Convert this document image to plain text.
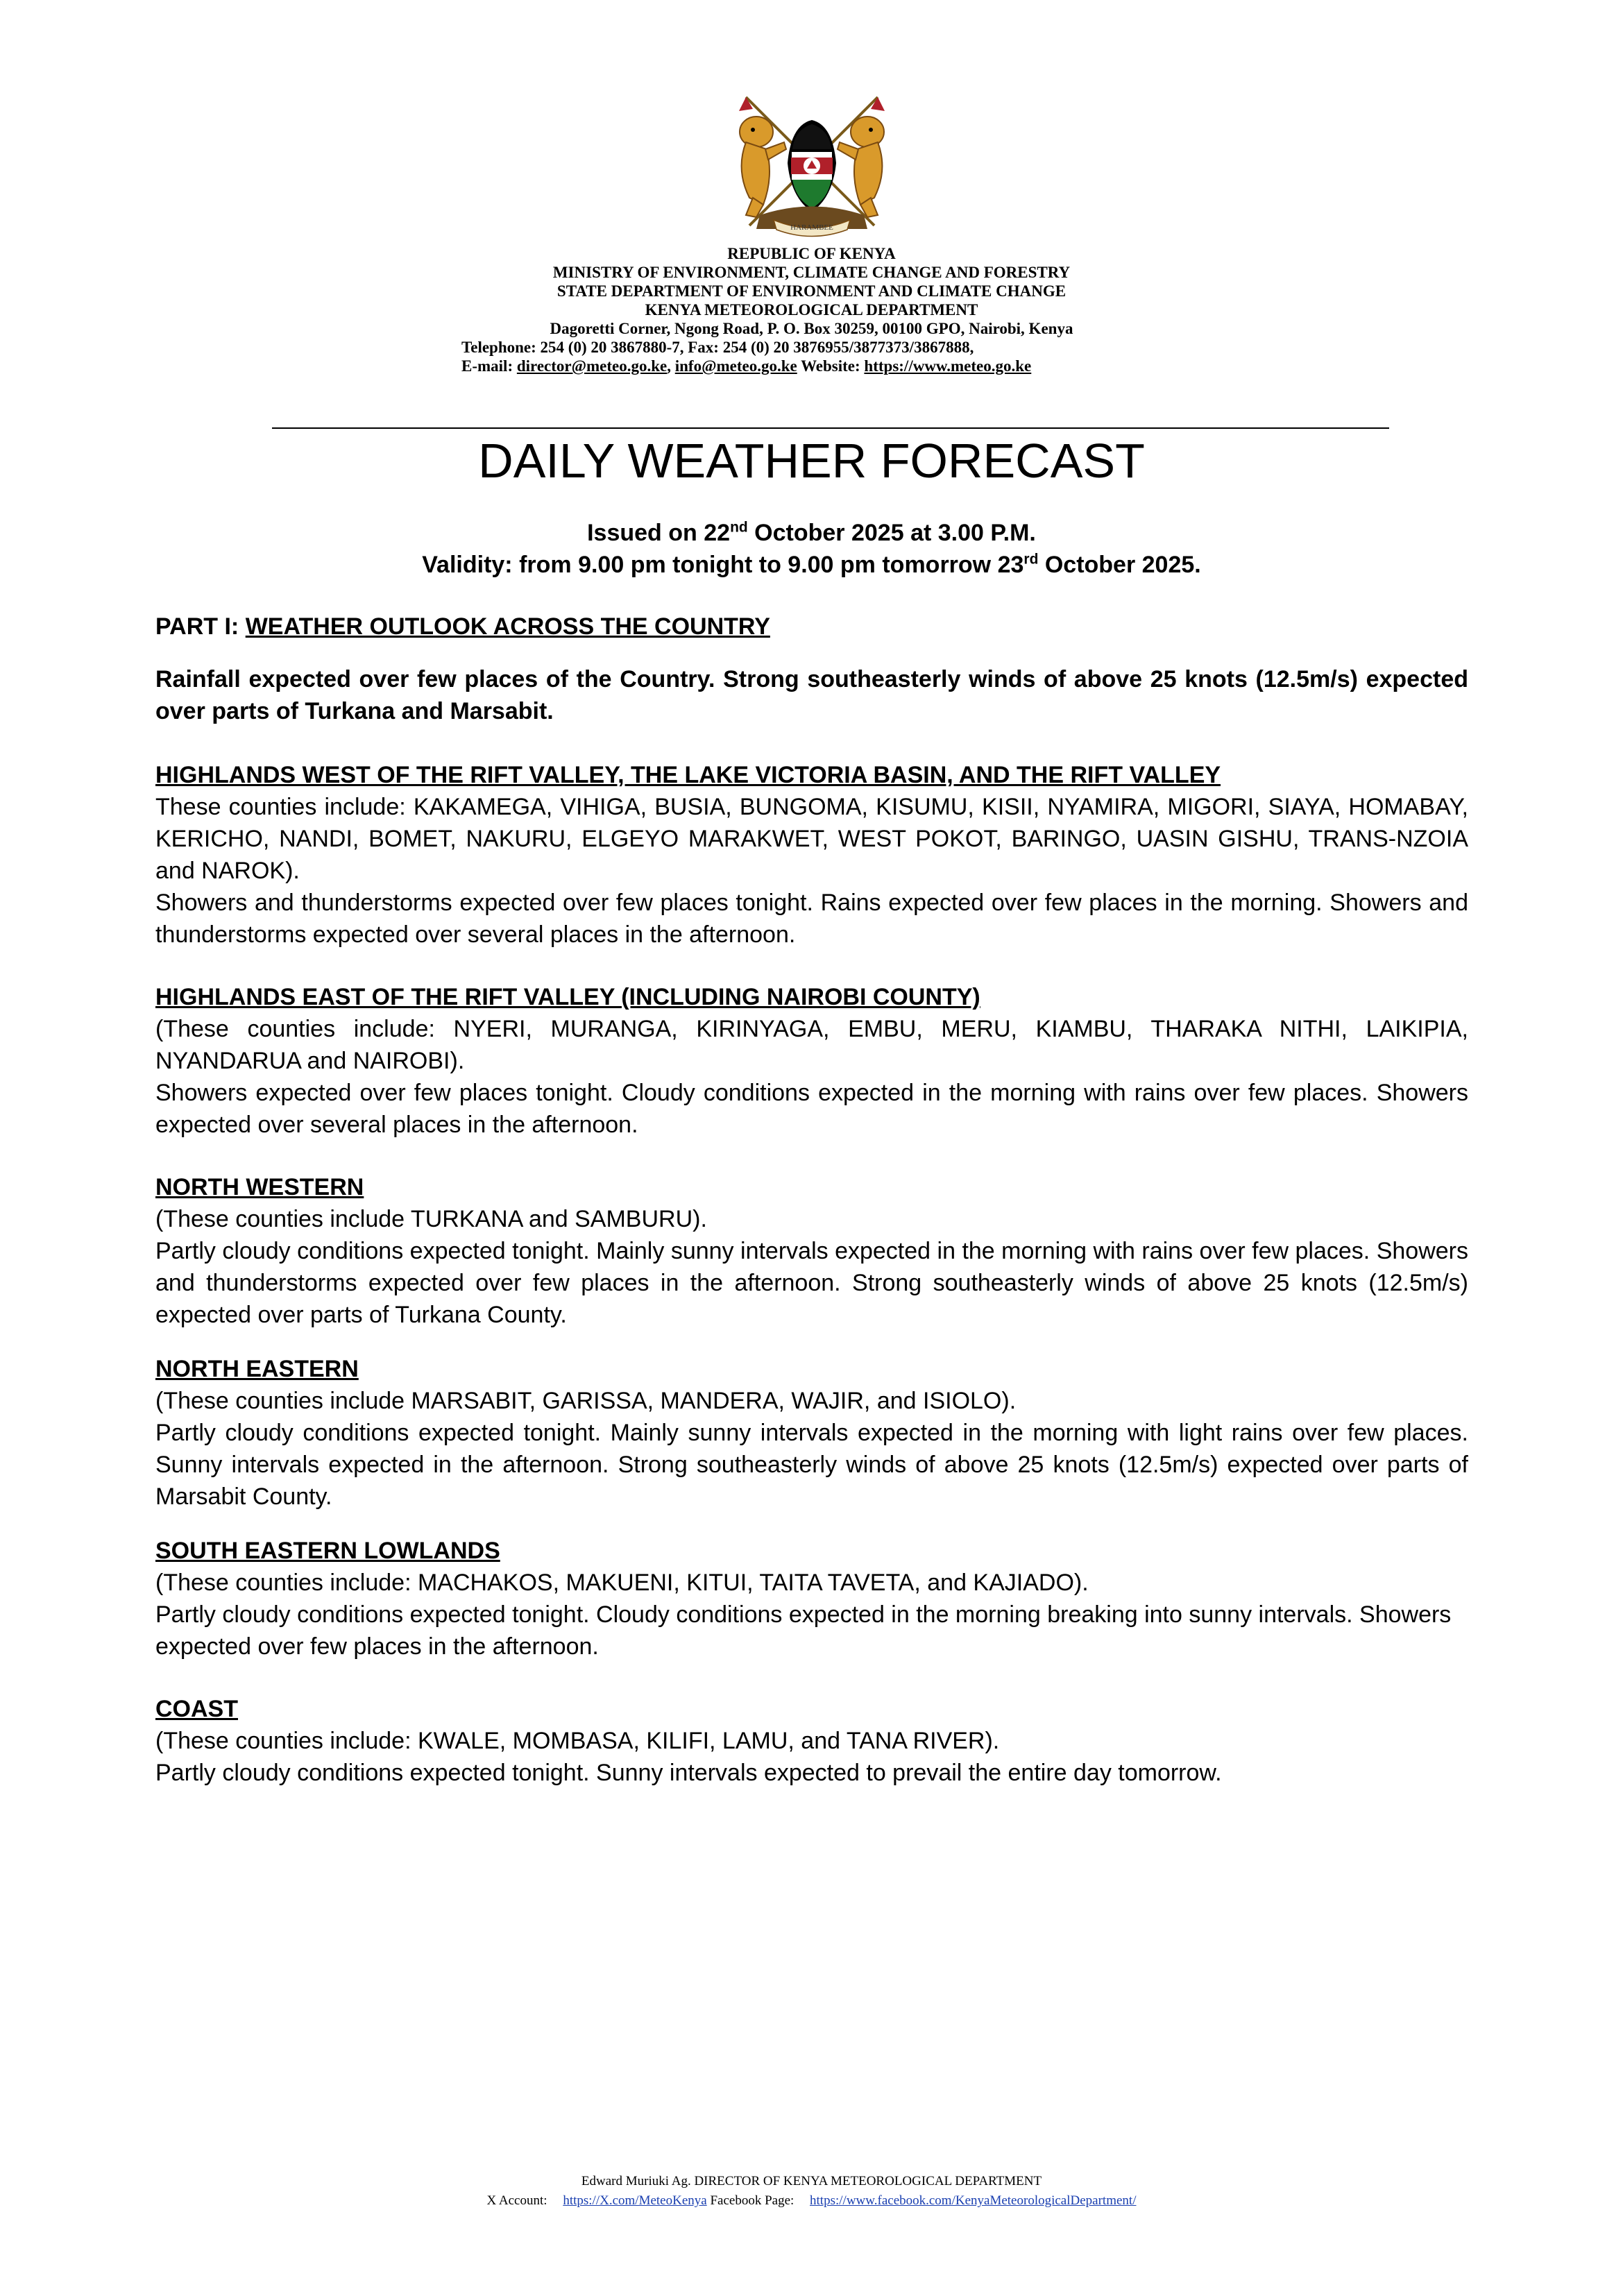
HARAMBEE
REPUBLIC OF KENYA
MINISTRY OF ENVIRONMENT, CLIMATE CHANGE AND FORESTRY
STATE DEPARTMENT OF ENVIRONMENT AND CLIMATE CHANGE
KENYA METEOROLOGICAL DEPARTMENT
Dagoretti Corner, Ngong Road, P. O. Box 30259, 00100 GPO, Nairobi, Kenya
Telephone: 254 (0) 20 3867880-7, Fax: 254 (0) 20 3876955/3877373/3867888,
E-mail: director@meteo.go.ke, info@meteo.go.ke Website: https://www.meteo.go.ke
DAILY WEATHER FORECAST
Issued on 22nd October 2025 at 3.00 P.M.
Validity: from 9.00 pm tonight to 9.00 pm tomorrow 23rd October 2025.

PART I: WEATHER OUTLOOK ACROSS THE COUNTRY

Rainfall expected over few places of the Country. Strong southeasterly winds of above 25 knots (12.5m/s) expected over parts of Turkana and Marsabit.

HIGHLANDS WEST OF THE RIFT VALLEY, THE LAKE VICTORIA BASIN, AND THE RIFT VALLEY

These counties include: KAKAMEGA, VIHIGA, BUSIA, BUNGOMA, KISUMU, KISII, NYAMIRA, MIGORI, SIAYA, HOMABAY, KERICHO, NANDI, BOMET, NAKURU, ELGEYO MARAKWET, WEST POKOT, BARINGO, UASIN GISHU, TRANS-NZOIA and NAROK).

Showers and thunderstorms expected over few places tonight. Rains expected over few places in the morning. Showers and thunderstorms expected over several places in the afternoon.

HIGHLANDS EAST OF THE RIFT VALLEY (INCLUDING NAIROBI COUNTY)

(These counties include: NYERI, MURANGA, KIRINYAGA, EMBU, MERU, KIAMBU, THARAKA NITHI, LAIKIPIA, NYANDARUA and NAIROBI).

Showers expected over few places tonight. Cloudy conditions expected in the morning with rains over few places. Showers expected over several places in the afternoon.

NORTH WESTERN

(These counties include TURKANA and SAMBURU).

Partly cloudy conditions expected tonight. Mainly sunny intervals expected in the morning with rains over few places. Showers and thunderstorms expected over few places in the afternoon. Strong southeasterly winds of above 25 knots (12.5m/s) expected over parts of Turkana County.

NORTH EASTERN

(These counties include MARSABIT, GARISSA, MANDERA, WAJIR, and ISIOLO).

Partly cloudy conditions expected tonight. Mainly sunny intervals expected in the morning with light rains over few places. Sunny intervals expected in the afternoon. Strong southeasterly winds of above 25 knots (12.5m/s) expected over parts of Marsabit County.

SOUTH EASTERN LOWLANDS

(These counties include: MACHAKOS, MAKUENI, KITUI, TAITA TAVETA, and KAJIADO).

Partly cloudy conditions expected tonight. Cloudy conditions expected in the morning breaking into sunny intervals. Showers expected over few places in the afternoon.

COAST

(These counties include: KWALE, MOMBASA, KILIFI, LAMU, and TANA RIVER).

Partly cloudy conditions expected tonight. Sunny intervals expected to prevail the entire day tomorrow.

Edward Muriuki Ag. DIRECTOR OF KENYA METEOROLOGICAL DEPARTMENT
X Account: https://X.com/MeteoKenya Facebook Page: https://www.facebook.com/KenyaMeteorologicalDepartment/
